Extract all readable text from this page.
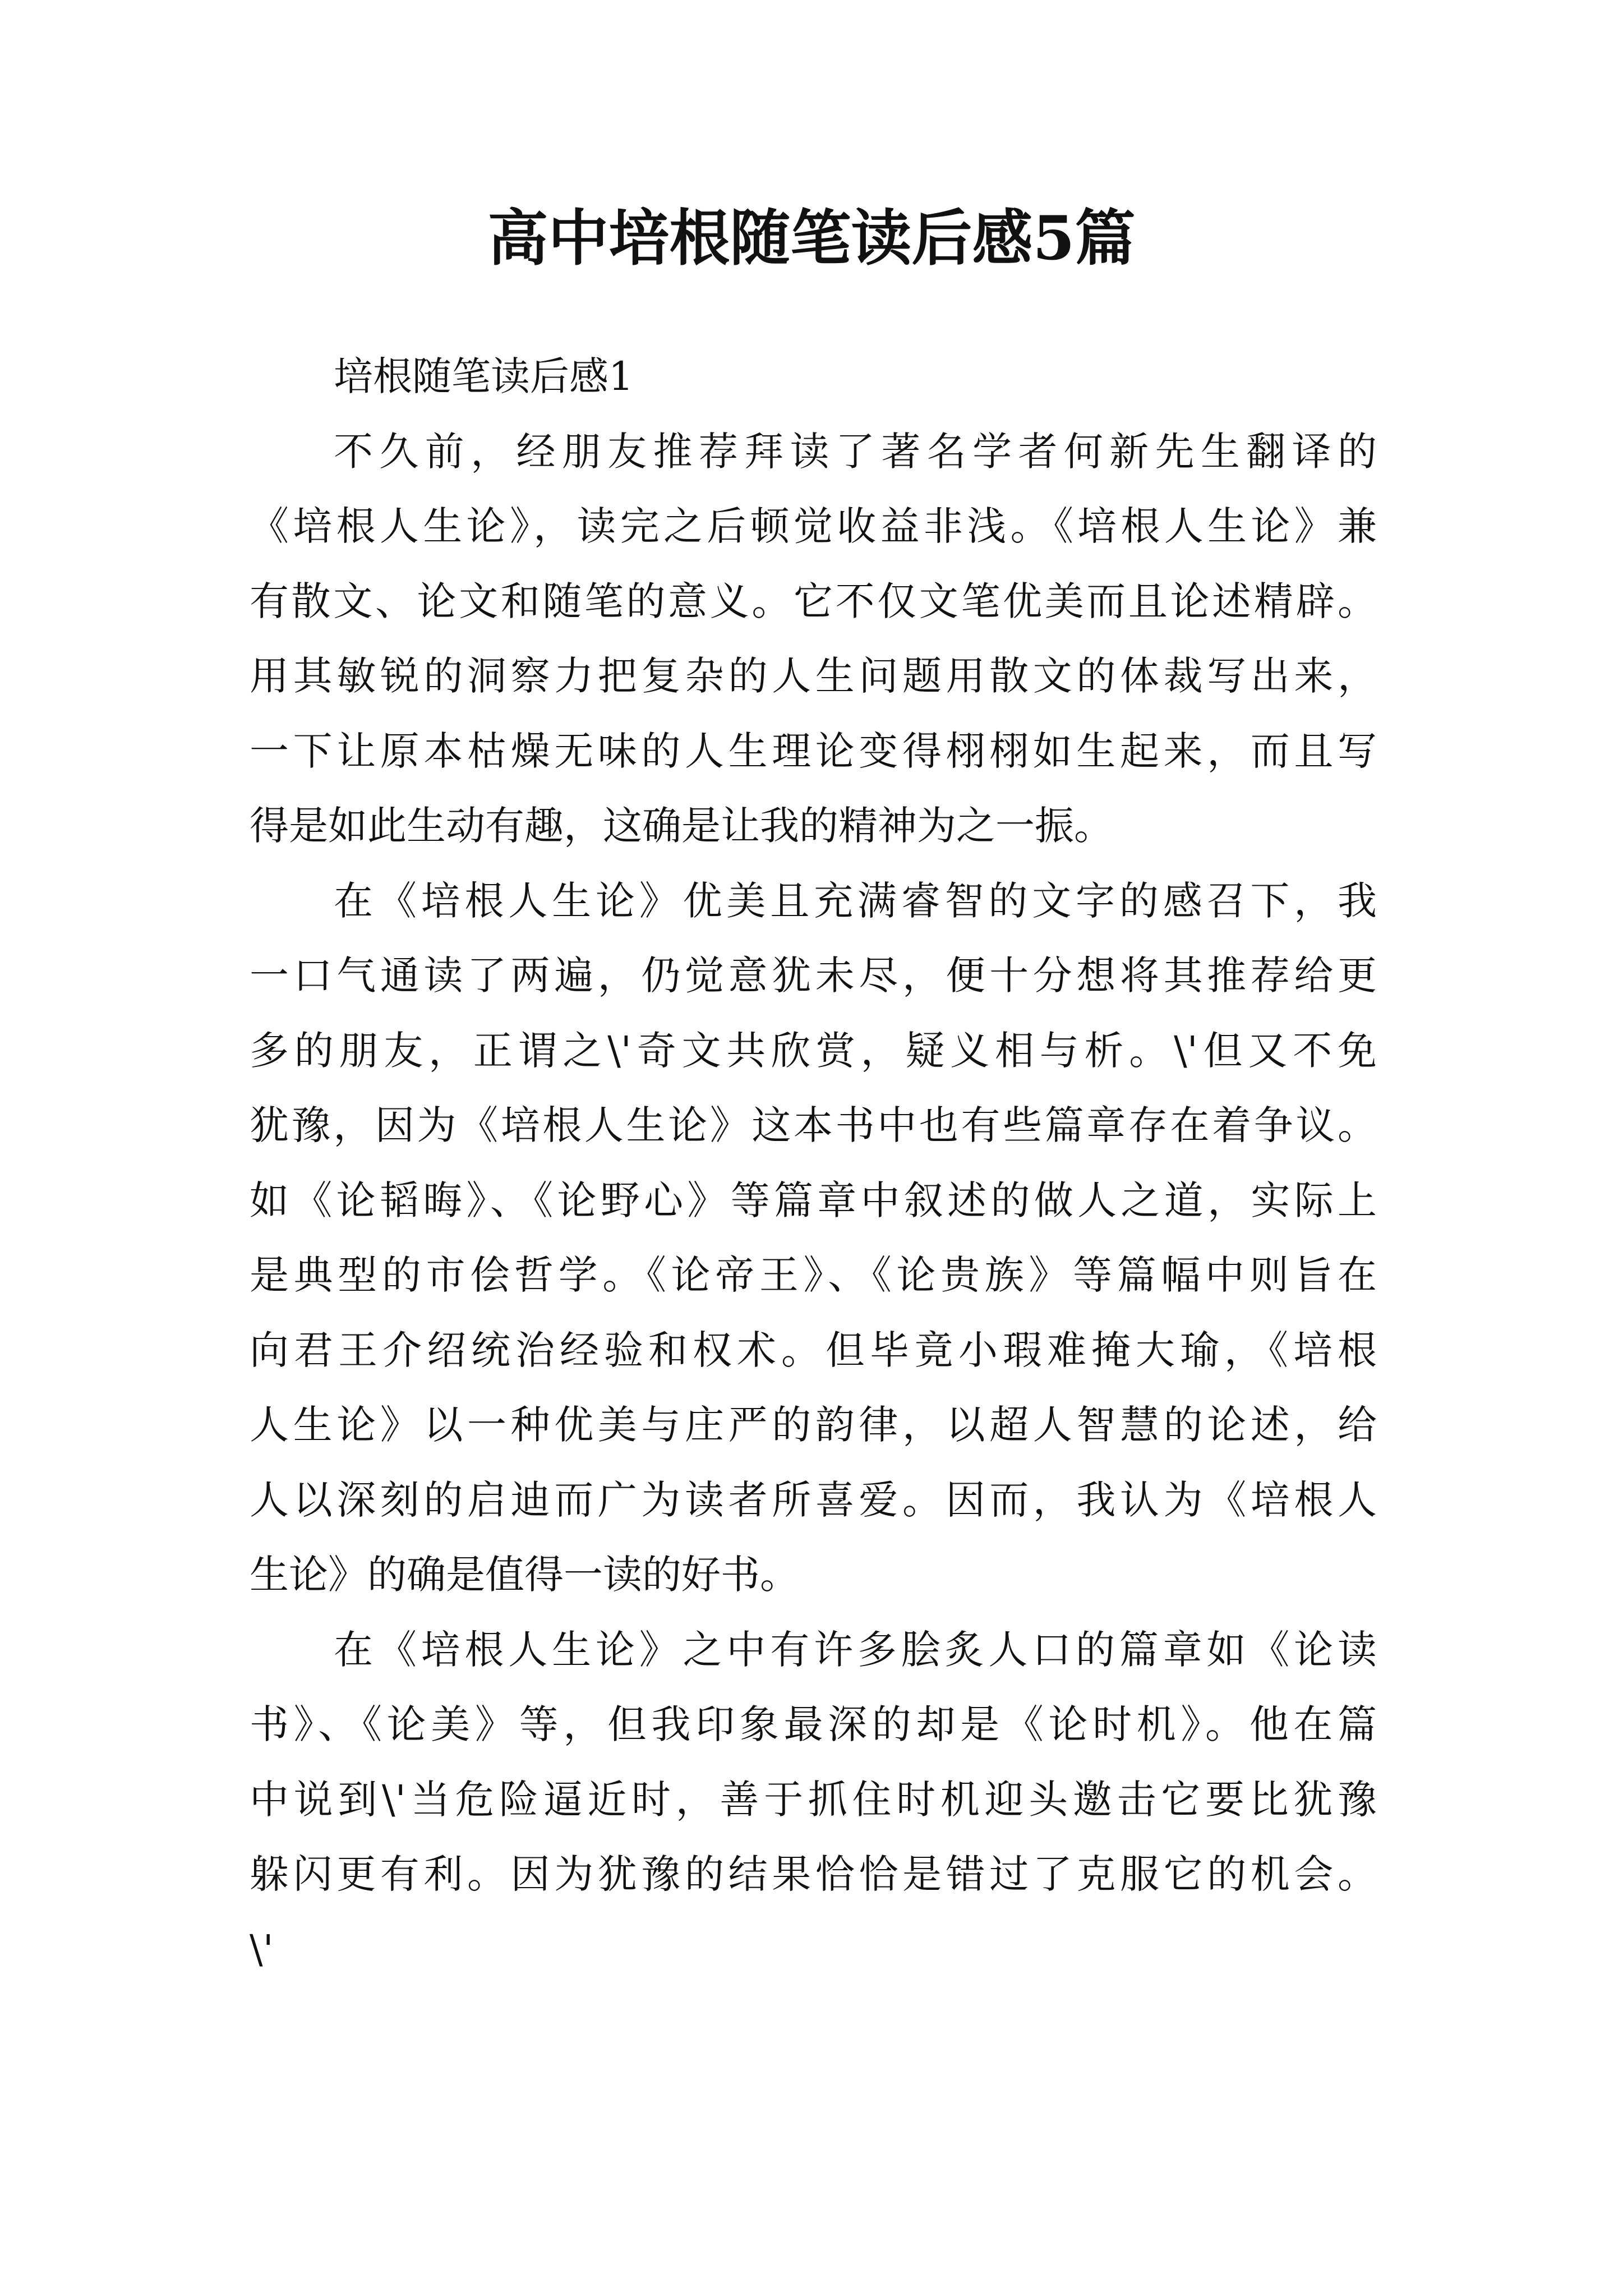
高中培根随笔读后感5篇
培根随笔读后感1
不久前，经朋友推荐拜读了著名学者何新先生翻译的
《培根人生论》，读完之后顿觉收益非浅。《培根人生论》兼
有散文、论文和随笔的意义。它不仅文笔优美而且论述精辟。
用其敏锐的洞察力把复杂的人生问题用散文的体裁写出来，
一下让原本枯燥无味的人生理论变得栩栩如生起来，而且写
得是如此生动有趣，这确是让我的精神为之一振。
在《培根人生论》优美且充满睿智的文字的感召下，我
一口气通读了两遍，仍觉意犹未尽，便十分想将其推荐给更
多的朋友，正谓之\'奇文共欣赏，疑义相与析。\'但又不免
犹豫，因为《培根人生论》这本书中也有些篇章存在着争议。
如《论韬晦》、《论野心》等篇章中叙述的做人之道，实际上
是典型的市侩哲学。《论帝王》、《论贵族》等篇幅中则旨在
向君王介绍统治经验和权术。但毕竟小瑕难掩大瑜，《培根
人生论》以一种优美与庄严的韵律，以超人智慧的论述，给
人以深刻的启迪而广为读者所喜爱。因而，我认为《培根人
生论》的确是值得一读的好书。
在《培根人生论》之中有许多脍炙人口的篇章如《论读
书》、《论美》等，但我印象最深的却是《论时机》。他在篇
中说到\'当危险逼近时，善于抓住时机迎头邀击它要比犹豫
躲闪更有利。因为犹豫的结果恰恰是错过了克服它的机会。
\'
